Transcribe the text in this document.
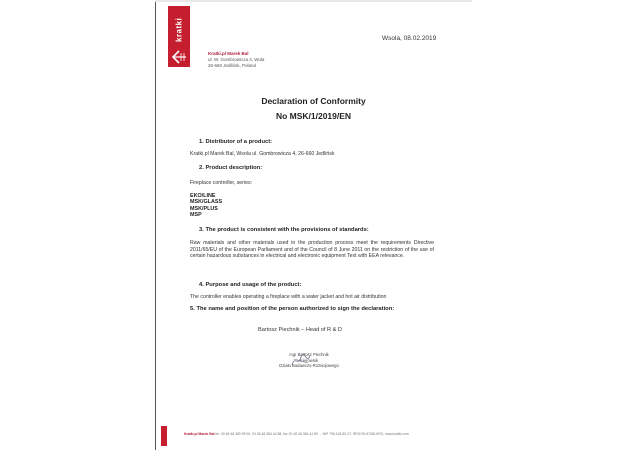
kratki
Kratki.pl Marek Bal
ul. W. Gombrowicza 4, Wola
26-660 Jedlińsk, Poland
Wsola, 08.02.2019
Declaration of Conformity
No MSK/1/2019/EN
1. Distributor of a product:
Kratki.pl Marek Bal, Wsola ul. Gombrowicza 4, 26-660 Jedlińsk
2. Product description:
Fireplace controller, series:
EKO/LINE
MSK/GLASS
MSK/PLUS
MSP
3. The product is consistent with the provisions of standards:
Raw materials and other materials used in the production process meet the requirements Directive 2011/65/EU of the European Parliament and of the Council of 8 June 2011 on the restriction of the use of certain hazardous substances in electrical and electronic equipment Text with EEA relevance.
4. Purpose and usage of the product:
The controller enables operating a fireplace with a water jacket and hot air distribution
5. The name and position of the person authorized to sign the declaration:
Bartosz Piechnik – Head of R & D
mgr Bartosz Piechnik
Kierownik
Działu Badawczo-Rozwojowego
Kratki.pl Marek Bal tel. 00 48 48 389 99 00, 00 48 48 384 44 88, fax 00 48 48 384 44 89 ... NIP 796-115-80-07, REGON 670814970, www.kratki.com
